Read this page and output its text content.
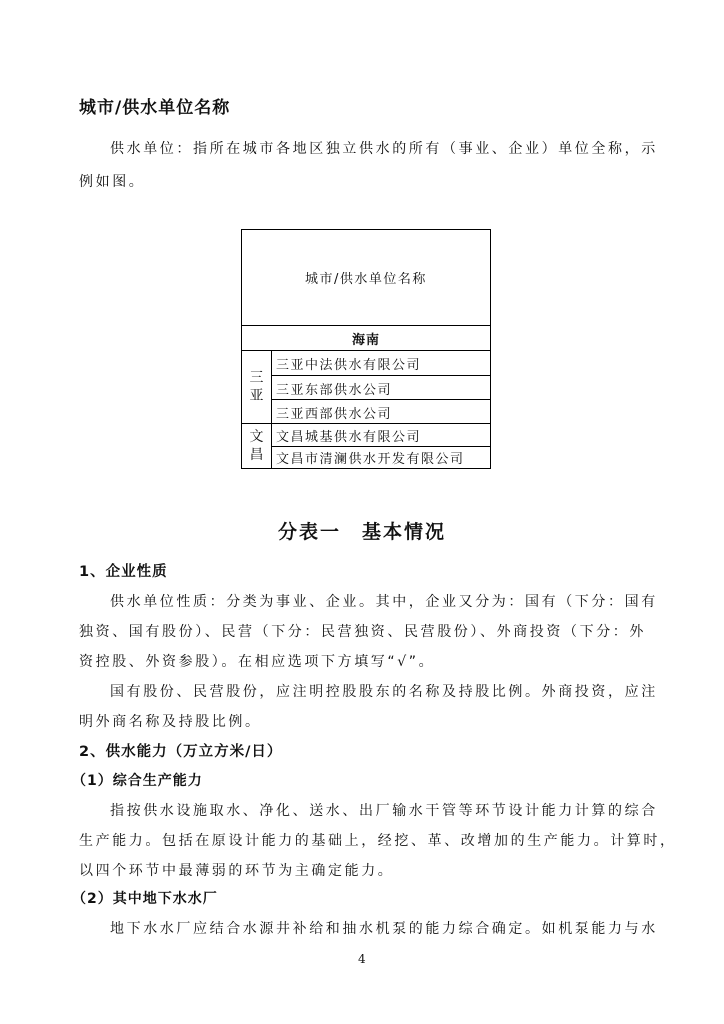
城市/供水单位名称
供水单位：指所在城市各地区独立供水的所有（事业、企业）单位全称，示
例如图。
城市/供水单位名称
海南
三
亚
三亚中法供水有限公司
三亚东部供水公司
三亚西部供水公司
文
昌
文昌城基供水有限公司
文昌市清澜供水开发有限公司
分表一　基本情况
1、企业性质
供水单位性质：分类为事业、企业。其中，企业又分为：国有（下分：国有
独资、国有股份）、民营（下分：民营独资、民营股份）、外商投资（下分：外
资控股、外资参股）。在相应选项下方填写“√”。
国有股份、民营股份，应注明控股股东的名称及持股比例。外商投资，应注
明外商名称及持股比例。
2、供水能力（万立方米/日）
（1）综合生产能力
指按供水设施取水、净化、送水、出厂输水干管等环节设计能力计算的综合
生产能力。包括在原设计能力的基础上，经挖、革、改增加的生产能力。计算时，
以四个环节中最薄弱的环节为主确定能力。
（2）其中地下水水厂
地下水水厂应结合水源井补给和抽水机泵的能力综合确定。如机泵能力与水
4
